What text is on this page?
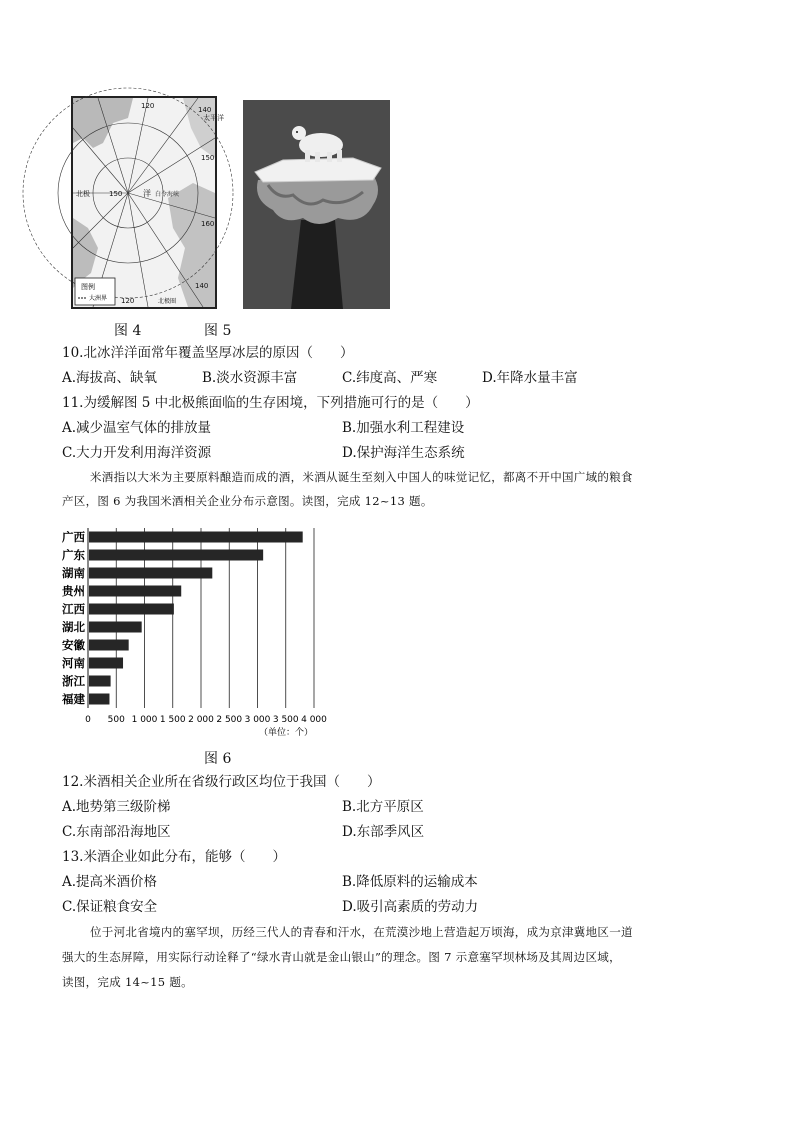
120	140
150
120
140
160
150	洋 白令海峡
北极
太平洋
北极圈
图例
大洲界
图 4	图 5
10.北冰洋洋面常年覆盖坚厚冰层的原因（　　）
A.海拔高、缺氧	B.淡水资源丰富	C.纬度高、严寒	D.年降水量丰富
11.为缓解图 5 中北极熊面临的生存困境，下列措施可行的是（　　）
A.减少温室气体的排放量	B.加强水利工程建设
C.大力开发利用海洋资源	D.保护海洋生态系统
米酒指以大米为主要原料酿造而成的酒，米酒从诞生至刻入中国人的味觉记忆，都离不开中国广域的粮食
产区，图 6 为我国米酒相关企业分布示意图。读图，完成 12~13 题。
0 500 1 000 1 500 2 000 2 500 3 000 3 500 4 000
广西
广东
湖南
贵州
江西
湖北
安徽
河南
浙江
福建
（单位：个）
图 6
12.米酒相关企业所在省级行政区均位于我国（　　）
A.地势第三级阶梯	B.北方平原区
C.东南部沿海地区	D.东部季风区
13.米酒企业如此分布，能够（　　）
A.提高米酒价格	B.降低原料的运输成本
C.保证粮食安全	D.吸引高素质的劳动力
位于河北省境内的塞罕坝，历经三代人的青春和汗水，在荒漠沙地上营造起万顷海，成为京津冀地区一道
强大的生态屏障，用实际行动诠释了“绿水青山就是金山银山”的理念。图 7 示意塞罕坝林场及其周边区域，
读图，完成 14~15 题。
